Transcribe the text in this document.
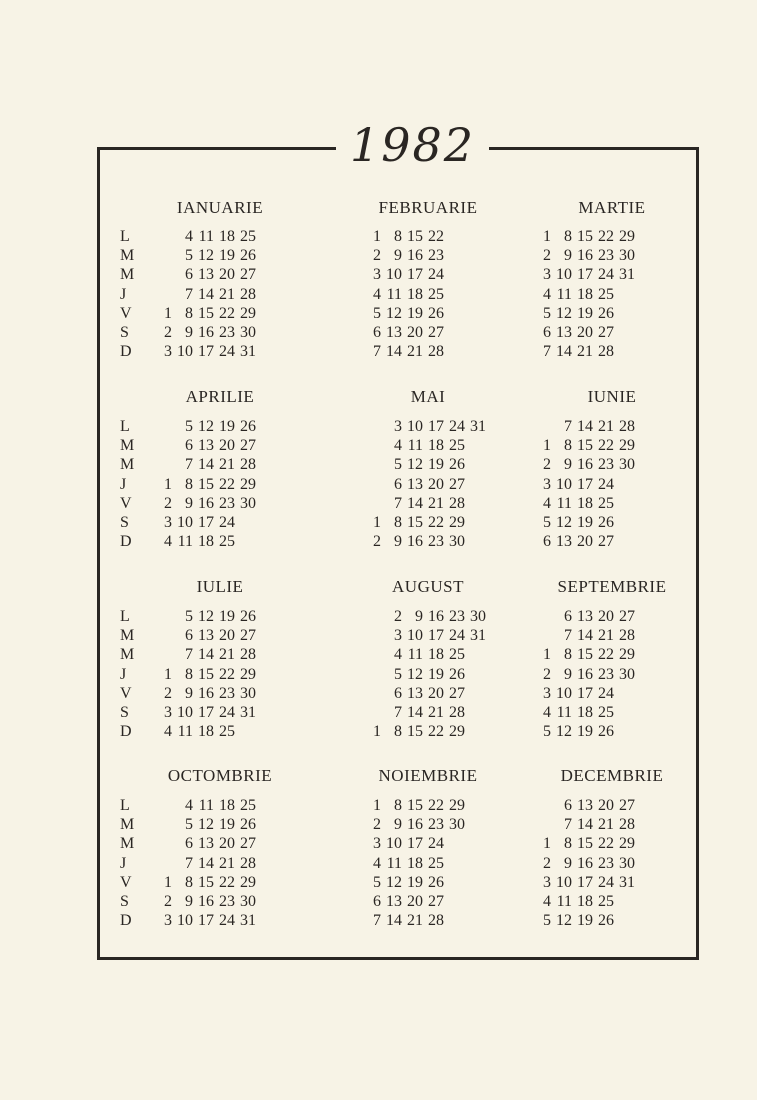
1982
IANUARIE
L
M
M
J
V
S
D
1
2
3
4
5
6
7
8
9
10
11
12
13
14
15
16
17
18
19
20
21
22
23
24
25
26
27
28
29
30
31
FEBRUARIE
1
2
3
4
5
6
7
8
9
10
11
12
13
14
15
16
17
18
19
20
21
22
23
24
25
26
27
28
MARTIE
1
2
3
4
5
6
7
8
9
10
11
12
13
14
15
16
17
18
19
20
21
22
23
24
25
26
27
28
29
30
31
APRILIE
L
M
M
J
V
S
D
1
2
3
4
5
6
7
8
9
10
11
12
13
14
15
16
17
18
19
20
21
22
23
24
25
26
27
28
29
30
MAI
1
2
3
4
5
6
7
8
9
10
11
12
13
14
15
16
17
18
19
20
21
22
23
24
25
26
27
28
29
30
31
IUNIE
1
2
3
4
5
6
7
8
9
10
11
12
13
14
15
16
17
18
19
20
21
22
23
24
25
26
27
28
29
30
IULIE
L
M
M
J
V
S
D
1
2
3
4
5
6
7
8
9
10
11
12
13
14
15
16
17
18
19
20
21
22
23
24
25
26
27
28
29
30
31
AUGUST
1
2
3
4
5
6
7
8
9
10
11
12
13
14
15
16
17
18
19
20
21
22
23
24
25
26
27
28
29
30
31
SEPTEMBRIE
1
2
3
4
5
6
7
8
9
10
11
12
13
14
15
16
17
18
19
20
21
22
23
24
25
26
27
28
29
30
OCTOMBRIE
L
M
M
J
V
S
D
1
2
3
4
5
6
7
8
9
10
11
12
13
14
15
16
17
18
19
20
21
22
23
24
25
26
27
28
29
30
31
NOIEMBRIE
1
2
3
4
5
6
7
8
9
10
11
12
13
14
15
16
17
18
19
20
21
22
23
24
25
26
27
28
29
30
DECEMBRIE
1
2
3
4
5
6
7
8
9
10
11
12
13
14
15
16
17
18
19
20
21
22
23
24
25
26
27
28
29
30
31
